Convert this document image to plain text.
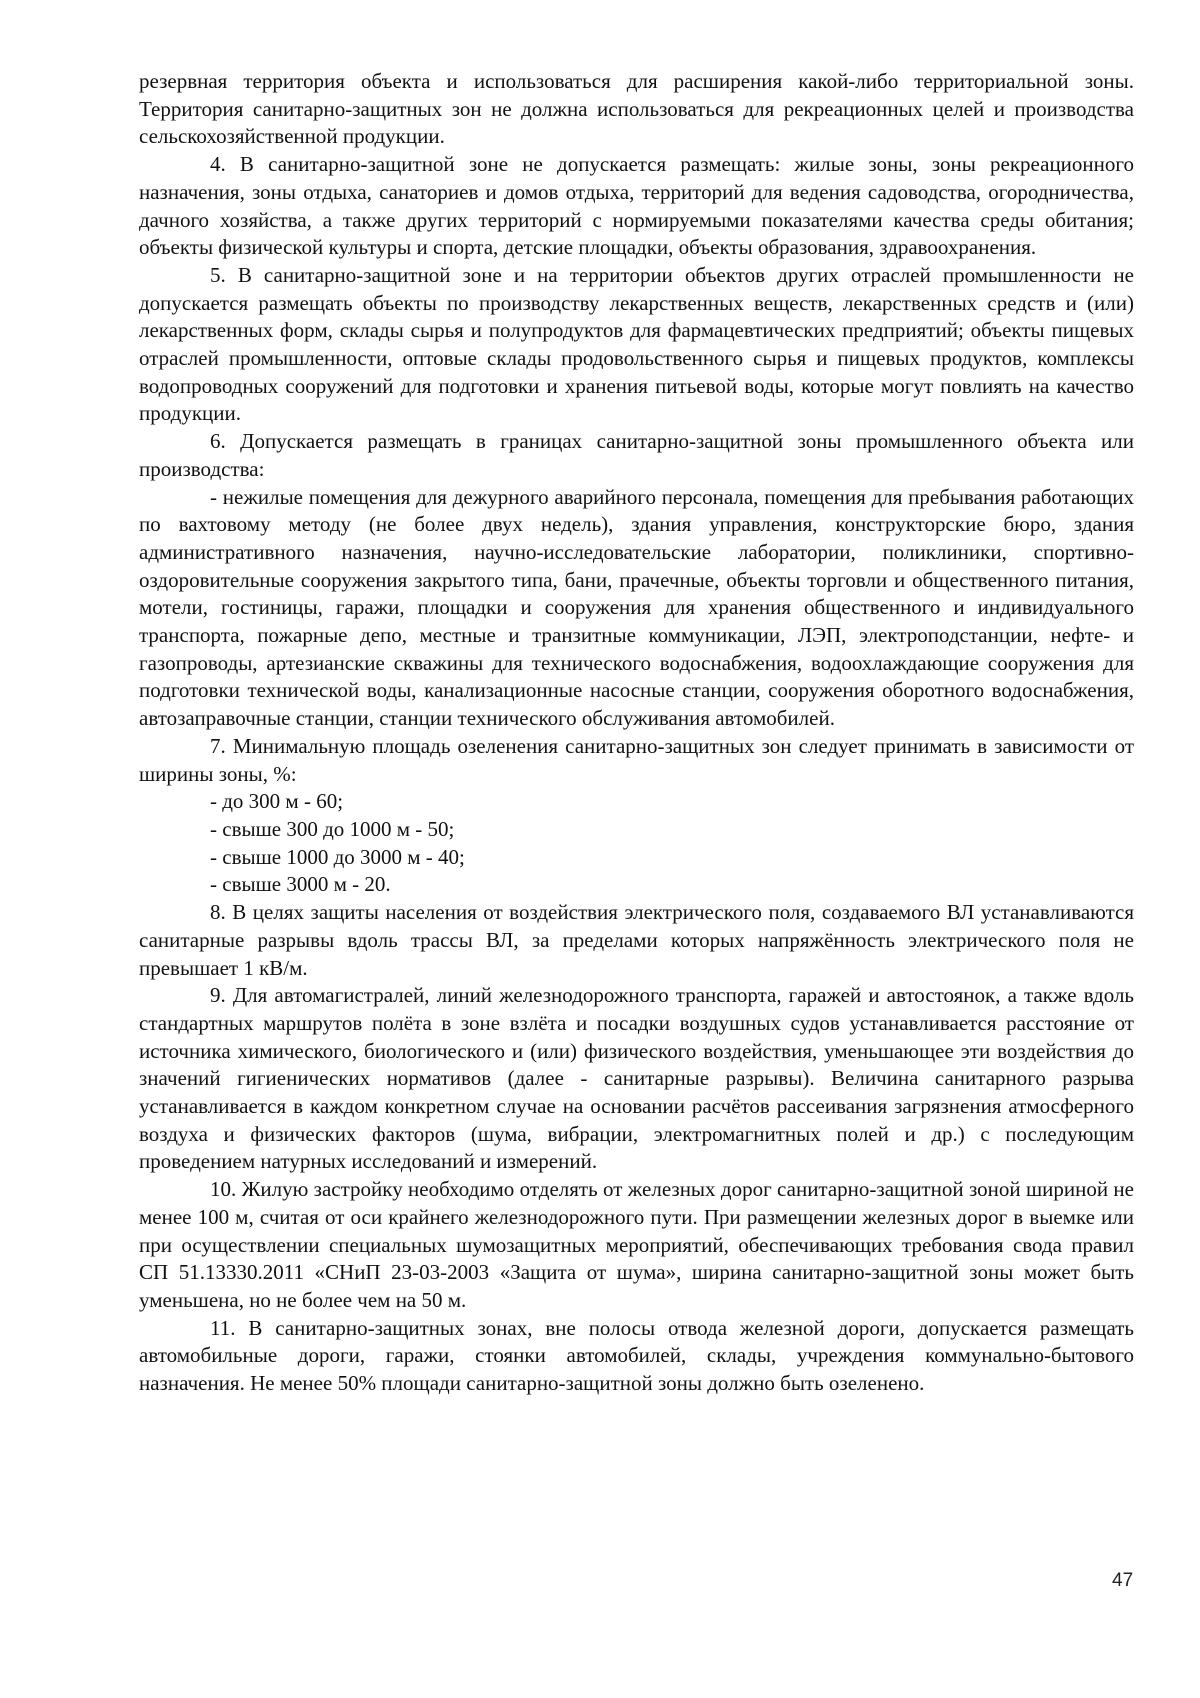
резервная территория объекта и использоваться для расширения какой-либо территориальной зоны. Территория санитарно-защитных зон не должна использоваться для рекреационных целей и производства сельскохозяйственной продукции.

4. В санитарно-защитной зоне не допускается размещать: жилые зоны, зоны рекреационного назначения, зоны отдыха, санаториев и домов отдыха, территорий для ведения садоводства, огородничества, дачного хозяйства, а также других территорий с нормируемыми показателями качества среды обитания; объекты физической культуры и спорта, детские площадки, объекты образования, здравоохранения.

5. В санитарно-защитной зоне и на территории объектов других отраслей промышленности не допускается размещать объекты по производству лекарственных веществ, лекарственных средств и (или) лекарственных форм, склады сырья и полупродуктов для фармацевтических предприятий; объекты пищевых отраслей промышленности, оптовые склады продовольственного сырья и пищевых продуктов, комплексы водопроводных сооружений для подготовки и хранения питьевой воды, которые могут повлиять на качество продукции.

6. Допускается размещать в границах санитарно-защитной зоны промышленного объекта или производства:

- нежилые помещения для дежурного аварийного персонала, помещения для пребывания работающих по вахтовому методу (не более двух недель), здания управления, конструкторские бюро, здания административного назначения, научно-исследовательские лаборатории, поликлиники, спортивно-оздоровительные сооружения закрытого типа, бани, прачечные, объекты торговли и общественного питания, мотели, гостиницы, гаражи, площадки и сооружения для хранения общественного и индивидуального транспорта, пожарные депо, местные и транзитные коммуникации, ЛЭП, электроподстанции, нефте- и газопроводы, артезианские скважины для технического водоснабжения, водоохлаждающие сооружения для подготовки технической воды, канализационные насосные станции, сооружения оборотного водоснабжения, автозаправочные станции, станции технического обслуживания автомобилей.

7. Минимальную площадь озеленения санитарно-защитных зон следует принимать в зависимости от ширины зоны, %:

- до 300 м - 60;
- свыше 300 до 1000 м - 50;
- свыше 1000 до 3000 м - 40;
- свыше 3000 м - 20.

8. В целях защиты населения от воздействия электрического поля, создаваемого ВЛ устанавливаются санитарные разрывы вдоль трассы ВЛ, за пределами которых напряжённость электрического поля не превышает 1 кВ/м.

9. Для автомагистралей, линий железнодорожного транспорта, гаражей и автостоянок, а также вдоль стандартных маршрутов полёта в зоне взлёта и посадки воздушных судов устанавливается расстояние от источника химического, биологического и (или) физического воздействия, уменьшающее эти воздействия до значений гигиенических нормативов (далее - санитарные разрывы). Величина санитарного разрыва устанавливается в каждом конкретном случае на основании расчётов рассеивания загрязнения атмосферного воздуха и физических факторов (шума, вибрации, электромагнитных полей и др.) с последующим проведением натурных исследований и измерений.

10. Жилую застройку необходимо отделять от железных дорог санитарно-защитной зоной шириной не менее 100 м, считая от оси крайнего железнодорожного пути. При размещении железных дорог в выемке или при осуществлении специальных шумозащитных мероприятий, обеспечивающих требования свода правил СП 51.13330.2011 «СНиП 23-03-2003 «Защита от шума», ширина санитарно-защитной зоны может быть уменьшена, но не более чем на 50 м.

11. В санитарно-защитных зонах, вне полосы отвода железной дороги, допускается размещать автомобильные дороги, гаражи, стоянки автомобилей, склады, учреждения коммунально-бытового назначения. Не менее 50% площади санитарно-защитной зоны должно быть озеленено.

47
